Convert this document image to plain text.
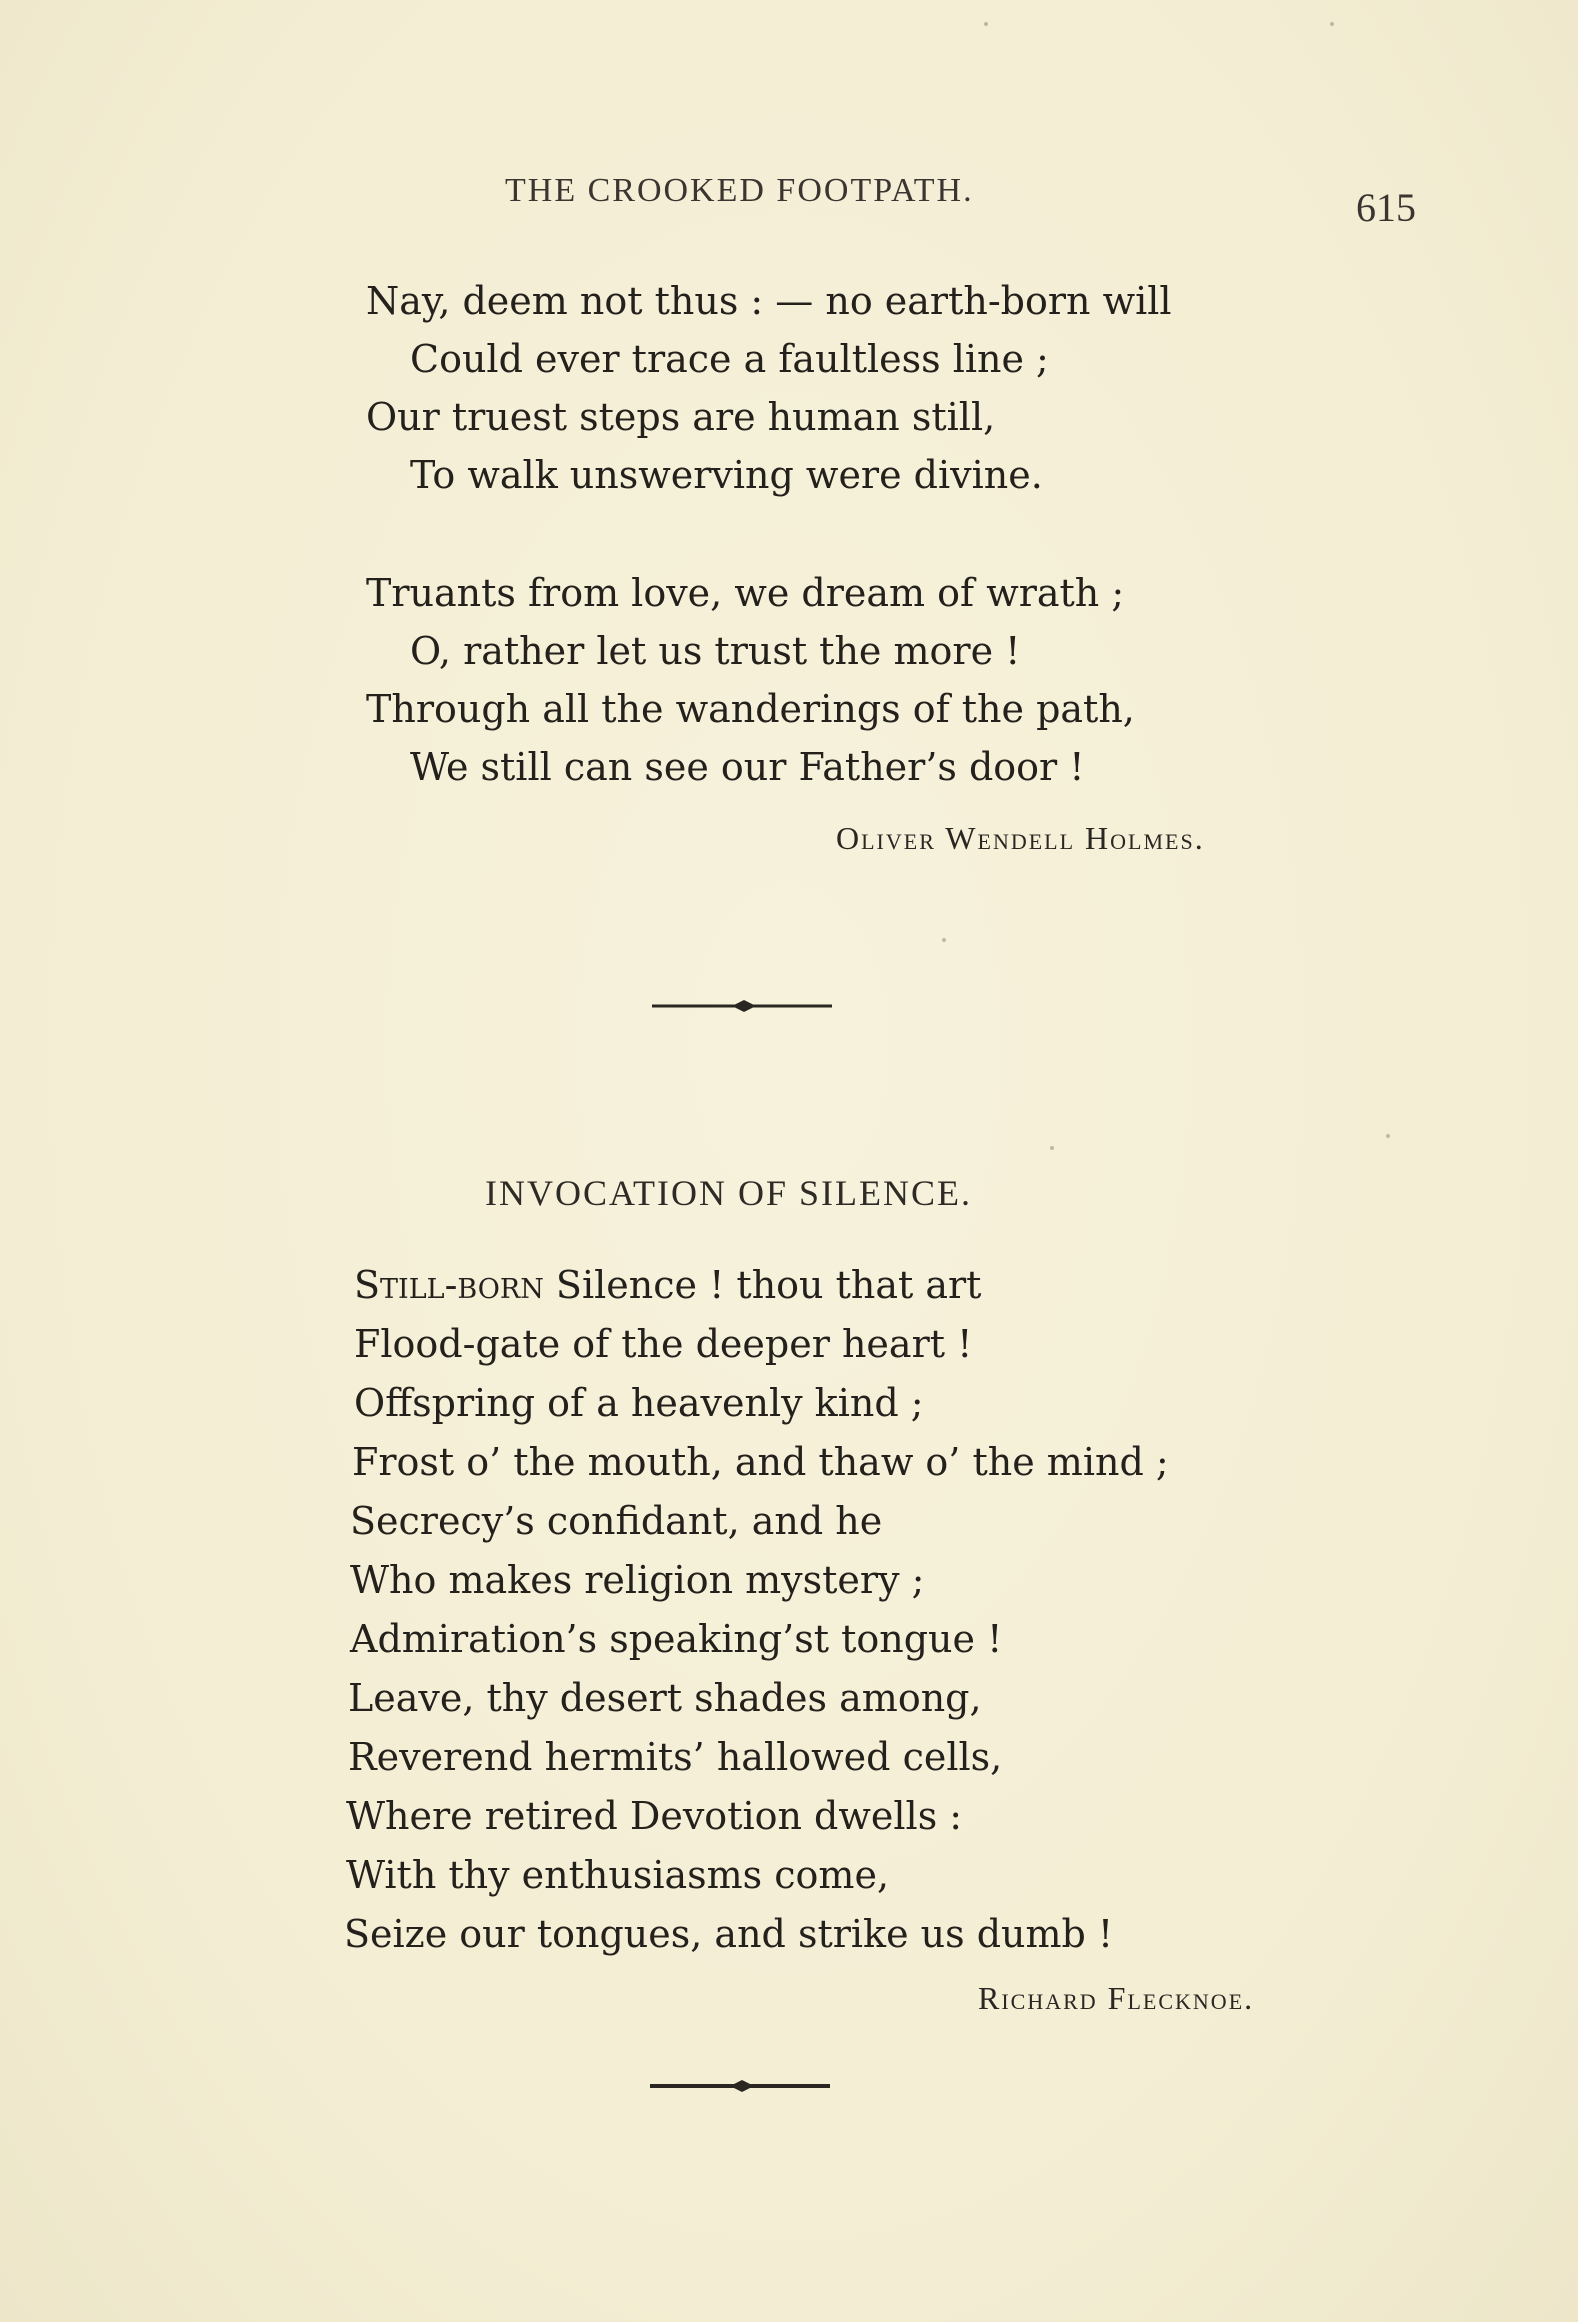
THE CROOKED FOOTPATH.	615
Nay, deem not thus : — no earth-born will
Could ever trace a faultless line ;
Our truest steps are human still,
To walk unswerving were divine.
Truants from love, we dream of wrath ;
O, rather let us trust the more !
Through all the wanderings of the path,
We still can see our Father’s door !
Oliver Wendell Holmes.
INVOCATION OF SILENCE.
Still-born Silence ! thou that art
Flood-gate of the deeper heart !
Offspring of a heavenly kind ;
Frost o’ the mouth, and thaw o’ the mind ;
Secrecy’s confidant, and he
Who makes religion mystery ;
Admiration’s speaking’st tongue !
Leave, thy desert shades among,
Reverend hermits’ hallowed cells,
Where retired Devotion dwells :
With thy enthusiasms come,
Seize our tongues, and strike us dumb !
Richard Flecknoe.
